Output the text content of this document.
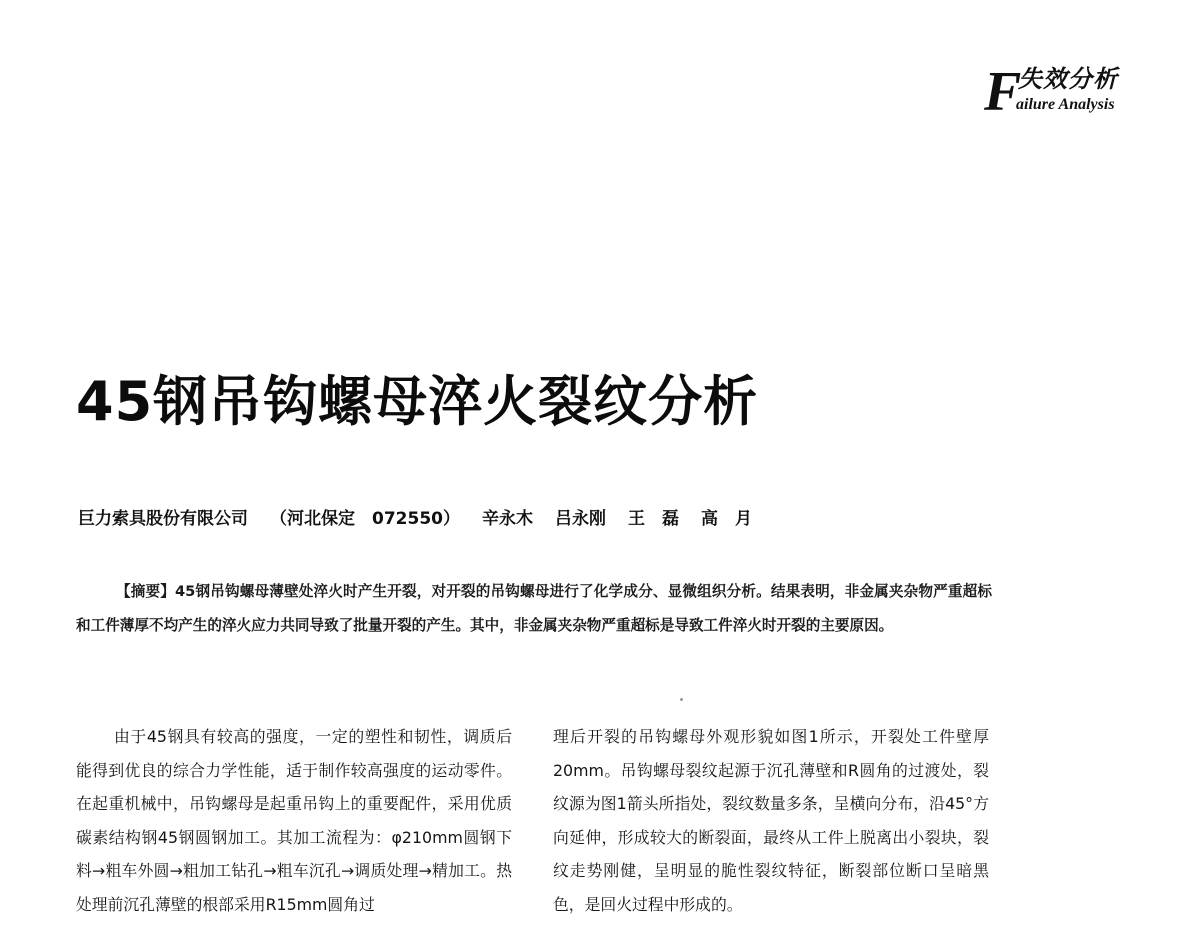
F
失效分析
ailure Analysis
45钢吊钩螺母淬火裂纹分析
巨力索具股份有限公司 （河北保定　072550） 辛永木 吕永刚 王　磊 高　月

【摘要】45钢吊钩螺母薄壁处淬火时产生开裂，对开裂的吊钩螺母进行了化学成分、显微组织分析。结果表明，非金属夹杂物严重超标和工件薄厚不均产生的淬火应力共同导致了批量开裂的产生。其中，非金属夹杂物严重超标是导致工件淬火时开裂的主要原因。

由于45钢具有较高的强度，一定的塑性和韧性，调质后能得到优良的综合力学性能，适于制作较高强度的运动零件。在起重机械中，吊钩螺母是起重吊钩上的重要配件，采用优质碳素结构钢45钢圆钢加工。其加工流程为：φ210mm圆钢下料→粗车外圆→粗加工钻孔→粗车沉孔→调质处理→精加工。热处理前沉孔薄壁的根部采用R15mm圆角过

理后开裂的吊钩螺母外观形貌如图1所示，开裂处工件壁厚20mm。吊钩螺母裂纹起源于沉孔薄壁和R圆角的过渡处，裂纹源为图1箭头所指处，裂纹数量多条，呈横向分布，沿45°方向延伸，形成较大的断裂面，最终从工件上脱离出小裂块，裂纹走势刚健，呈明显的脆性裂纹特征，断裂部位断口呈暗黑色，是回火过程中形成的。
